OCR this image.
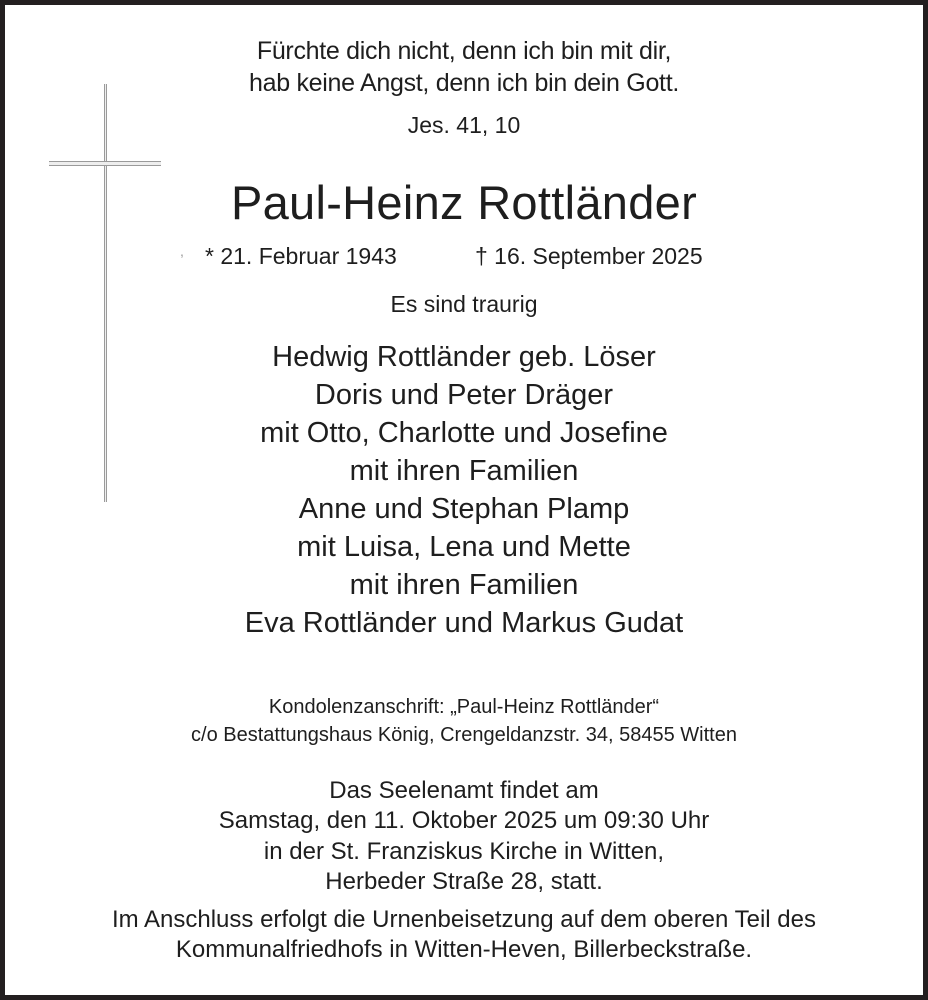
Fürchte dich nicht, denn ich bin mit dir,
hab keine Angst, denn ich bin dein Gott.
Jes. 41, 10
Paul-Heinz Rottländer
, * 21. Februar 1943	† 16. September 2025
Es sind traurig
Hedwig Rottländer geb. Löser
Doris und Peter Dräger
mit Otto, Charlotte und Josefine
mit ihren Familien
Anne und Stephan Plamp
mit Luisa, Lena und Mette
mit ihren Familien
Eva Rottländer und Markus Gudat
Kondolenzanschrift: „Paul-Heinz Rottländer“
c/o Bestattungshaus König, Crengeldanzstr. 34, 58455 Witten
Das Seelenamt findet am
Samstag, den 11. Oktober 2025 um 09:30 Uhr
in der St. Franziskus Kirche in Witten,
Herbeder Straße 28, statt.
Im Anschluss erfolgt die Urnenbeisetzung auf dem oberen Teil des
Kommunalfriedhofs in Witten-Heven, Billerbeckstraße.
